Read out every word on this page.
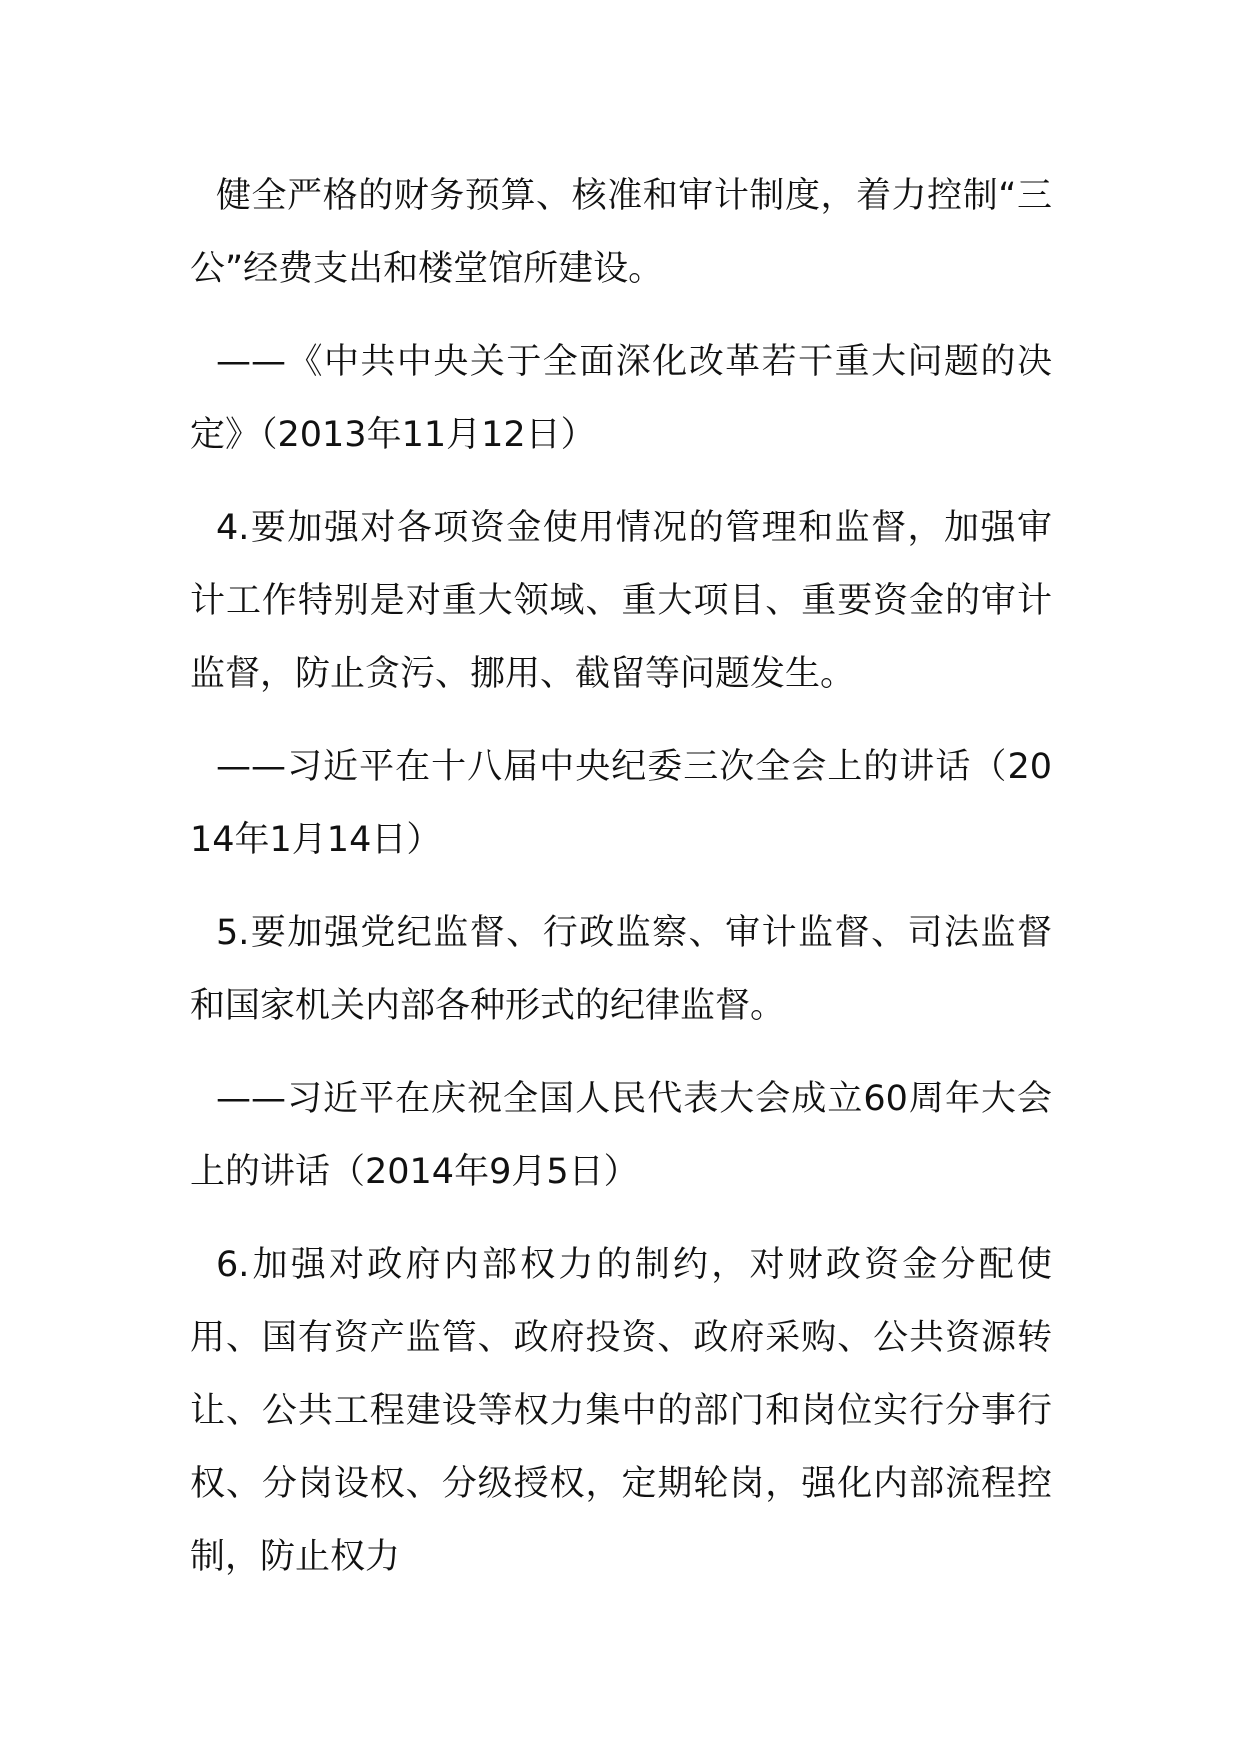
健全严格的财务预算、核准和审计制度，着力控制“三公”经费支出和楼堂馆所建设。

——《中共中央关于全面深化改革若干重大问题的决定》（2013年11月12日）

4.要加强对各项资金使用情况的管理和监督，加强审计工作特别是对重大领域、重大项目、重要资金的审计监督，防止贪污、挪用、截留等问题发生。

——习近平在十八届中央纪委三次全会上的讲话（2014年1月14日）

5.要加强党纪监督、行政监察、审计监督、司法监督和国家机关内部各种形式的纪律监督。

——习近平在庆祝全国人民代表大会成立60周年大会上的讲话（2014年9月5日）

6.加强对政府内部权力的制约，对财政资金分配使用、国有资产监管、政府投资、政府采购、公共资源转让、公共工程建设等权力集中的部门和岗位实行分事行权、分岗设权、分级授权，定期轮岗，强化内部流程控制，防止权力
